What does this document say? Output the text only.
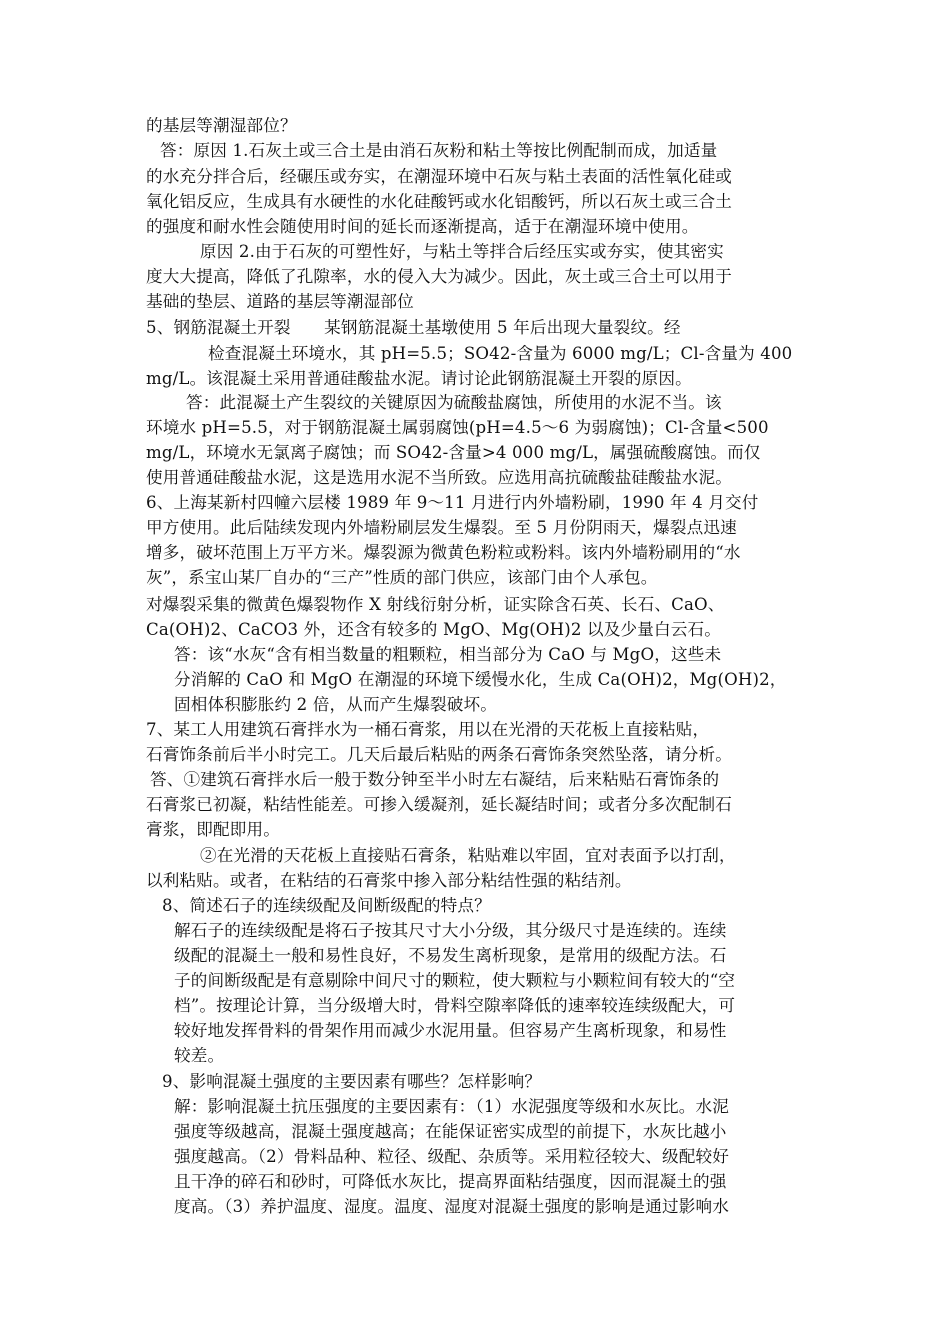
的基层等潮湿部位？
答：原因 1.石灰土或三合土是由消石灰粉和粘土等按比例配制而成，加适量
的水充分拌合后，经碾压或夯实，在潮湿环境中石灰与粘土表面的活性氧化硅或
氧化铝反应，生成具有水硬性的水化硅酸钙或水化铝酸钙，所以石灰土或三合土
的强度和耐水性会随使用时间的延长而逐渐提高，适于在潮湿环境中使用。
原因 2.由于石灰的可塑性好，与粘土等拌合后经压实或夯实，使其密实
度大大提高，降低了孔隙率，水的侵入大为减少。因此，灰土或三合土可以用于
基础的垫层、道路的基层等潮湿部位
5、钢筋混凝土开裂　　某钢筋混凝土基墩使用 5 年后出现大量裂纹。经
检查混凝土环境水，其 pH=5.5；SO42-含量为 6000 mg/L；Cl-含量为 400
mg/L。该混凝土采用普通硅酸盐水泥。请讨论此钢筋混凝土开裂的原因。
答：此混凝土产生裂纹的关键原因为硫酸盐腐蚀，所使用的水泥不当。该
环境水 pH=5.5，对于钢筋混凝土属弱腐蚀(pH=4.5～6 为弱腐蚀)；Cl-含量<500
mg/L，环境水无氯离子腐蚀；而 SO42-含量>4 000 mg/L，属强硫酸腐蚀。而仅
使用普通硅酸盐水泥，这是选用水泥不当所致。应选用高抗硫酸盐硅酸盐水泥。
6、上海某新村四幢六层楼 1989 年 9～11 月进行内外墙粉刷，1990 年 4 月交付
甲方使用。此后陆续发现内外墙粉刷层发生爆裂。至 5 月份阴雨天，爆裂点迅速
增多，破坏范围上万平方米。爆裂源为微黄色粉粒或粉料。该内外墙粉刷用的“水
灰”，系宝山某厂自办的“三产”性质的部门供应，该部门由个人承包。
对爆裂采集的微黄色爆裂物作 X 射线衍射分析，证实除含石英、长石、CaO、
Ca(OH)2、CaCO3 外，还含有较多的 MgO、Mg(OH)2 以及少量白云石。
答：该“水灰“含有相当数量的粗颗粒，相当部分为 CaO 与 MgO，这些未
分消解的 CaO 和 MgO 在潮湿的环境下缓慢水化，生成 Ca(OH)2，Mg(OH)2，
固相体积膨胀约 2 倍，从而产生爆裂破坏。
7、某工人用建筑石膏拌水为一桶石膏浆，用以在光滑的天花板上直接粘贴，
石膏饰条前后半小时完工。几天后最后粘贴的两条石膏饰条突然坠落，请分析。
答、①建筑石膏拌水后一般于数分钟至半小时左右凝结，后来粘贴石膏饰条的
石膏浆已初凝，粘结性能差。可掺入缓凝剂，延长凝结时间；或者分多次配制石
膏浆，即配即用。
②在光滑的天花板上直接贴石膏条，粘贴难以牢固，宜对表面予以打刮，
以利粘贴。或者，在粘结的石膏浆中掺入部分粘结性强的粘结剂。
8、简述石子的连续级配及间断级配的特点？
解石子的连续级配是将石子按其尺寸大小分级，其分级尺寸是连续的。连续
级配的混凝土一般和易性良好，不易发生离析现象，是常用的级配方法。石
子的间断级配是有意剔除中间尺寸的颗粒，使大颗粒与小颗粒间有较大的“空
档”。按理论计算，当分级增大时，骨料空隙率降低的速率较连续级配大，可
较好地发挥骨料的骨架作用而减少水泥用量。但容易产生离析现象，和易性
较差。
9、影响混凝土强度的主要因素有哪些？怎样影响？
解：影响混凝土抗压强度的主要因素有：（1）水泥强度等级和水灰比。水泥
强度等级越高，混凝土强度越高；在能保证密实成型的前提下，水灰比越小
强度越高。（2）骨料品种、粒径、级配、杂质等。采用粒径较大、级配较好
且干净的碎石和砂时，可降低水灰比，提高界面粘结强度，因而混凝土的强
度高。（3）养护温度、湿度。温度、湿度对混凝土强度的影响是通过影响水
